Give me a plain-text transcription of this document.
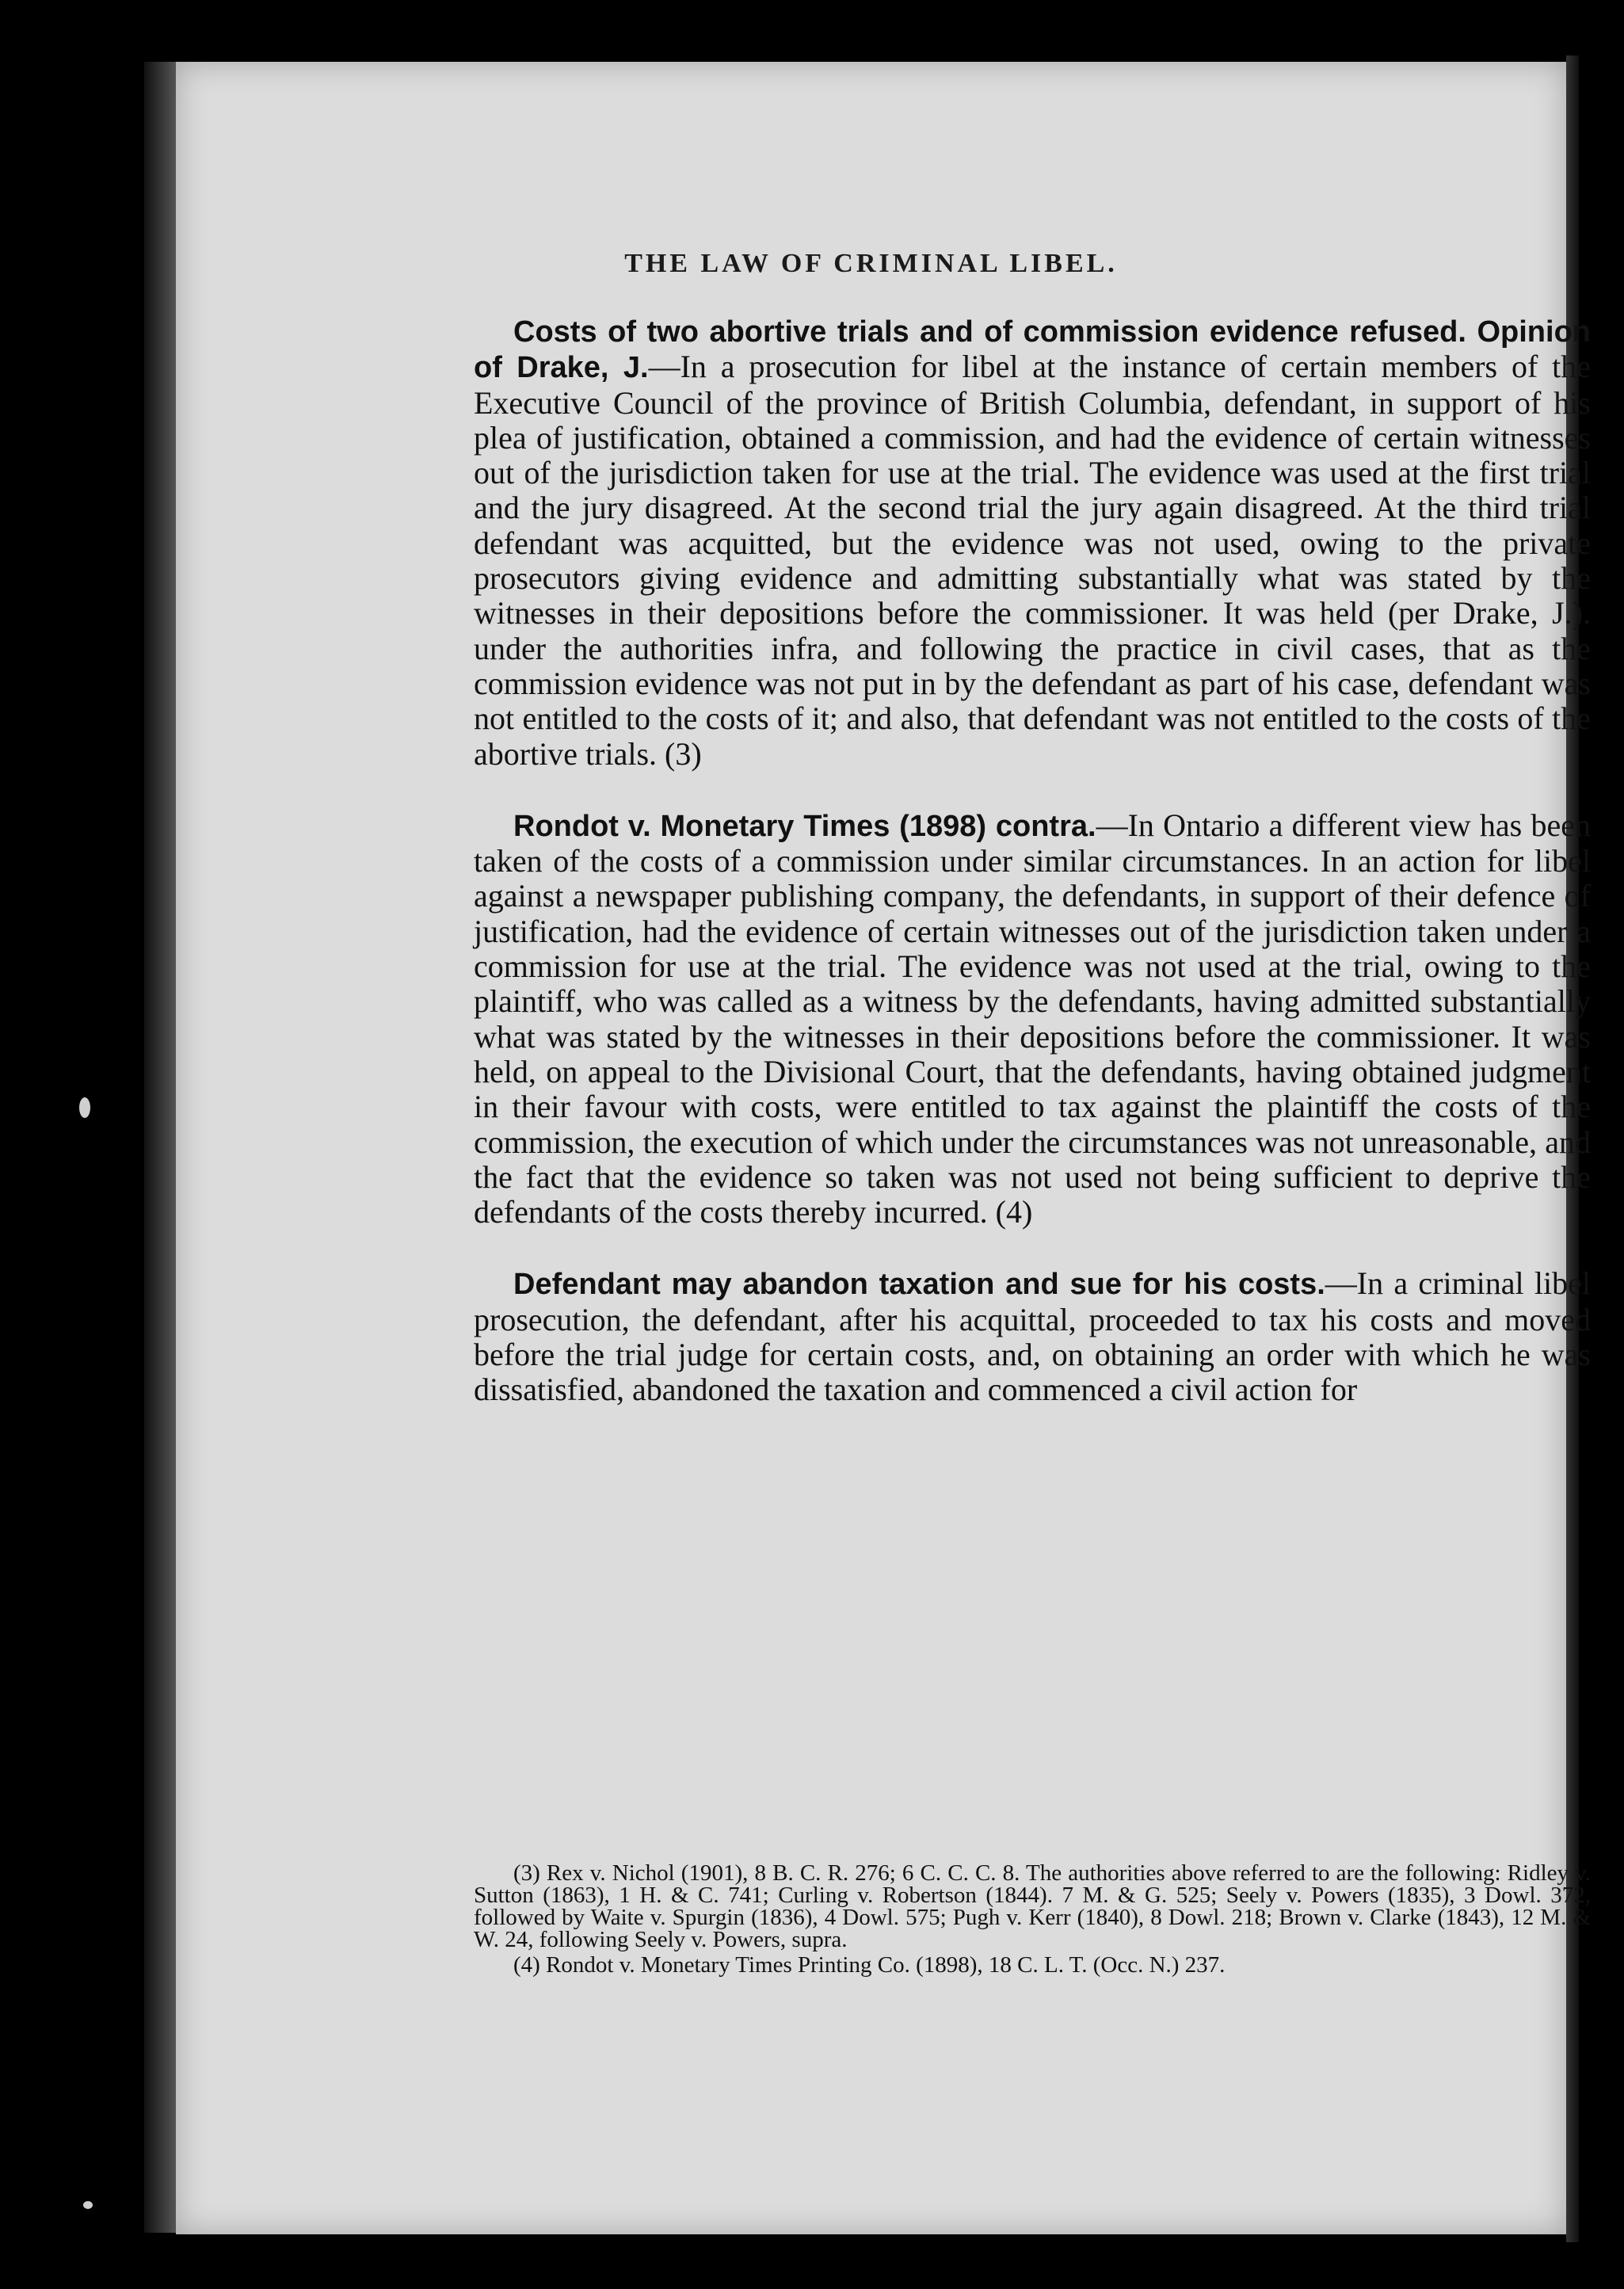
THE LAW OF CRIMINAL LIBEL.

Costs of two abortive trials and of commission evidence refused. Opinion of Drake, J.—In a prosecution for libel at the instance of certain members of the Executive Council of the province of British Columbia, defendant, in support of his plea of justification, obtained a commission, and had the evidence of certain witnesses out of the jurisdiction taken for use at the trial. The evidence was used at the first trial and the jury disagreed. At the second trial the jury again disagreed. At the third trial defendant was acquitted, but the evidence was not used, owing to the private prosecutors giving evidence and admitting substantially what was stated by the witnesses in their depositions before the commissioner. It was held (per Drake, J.). under the authorities infra, and following the practice in civil cases, that as the commission evidence was not put in by the defendant as part of his case, defendant was not entitled to the costs of it; and also, that defendant was not entitled to the costs of the abortive trials. (3)

Rondot v. Monetary Times (1898) contra.—In Ontario a different view has been taken of the costs of a commission under similar circumstances. In an action for libel against a newspaper publishing company, the defendants, in support of their defence of justification, had the evidence of certain witnesses out of the jurisdiction taken under a commission for use at the trial. The evidence was not used at the trial, owing to the plaintiff, who was called as a witness by the defendants, having admitted substantially what was stated by the witnesses in their depositions before the commissioner. It was held, on appeal to the Divisional Court, that the defendants, having obtained judgment in their favour with costs, were entitled to tax against the plaintiff the costs of the commission, the execution of which under the circumstances was not unreasonable, and the fact that the evidence so taken was not used not being sufficient to deprive the defendants of the costs thereby incurred. (4)

Defendant may abandon taxation and sue for his costs.—In a criminal libel prosecution, the defendant, after his acquittal, proceeded to tax his costs and moved before the trial judge for certain costs, and, on obtaining an order with which he was dissatisfied, abandoned the taxation and commenced a civil action for

(3) Rex v. Nichol (1901), 8 B. C. R. 276; 6 C. C. C. 8. The authorities above referred to are the following: Ridley v. Sutton (1863), 1 H. & C. 741; Curling v. Robertson (1844). 7 M. & G. 525; Seely v. Powers (1835), 3 Dowl. 372, followed by Waite v. Spurgin (1836), 4 Dowl. 575; Pugh v. Kerr (1840), 8 Dowl. 218; Brown v. Clarke (1843), 12 M. & W. 24, following Seely v. Powers, supra.

(4) Rondot v. Monetary Times Printing Co. (1898), 18 C. L. T. (Occ. N.) 237.
